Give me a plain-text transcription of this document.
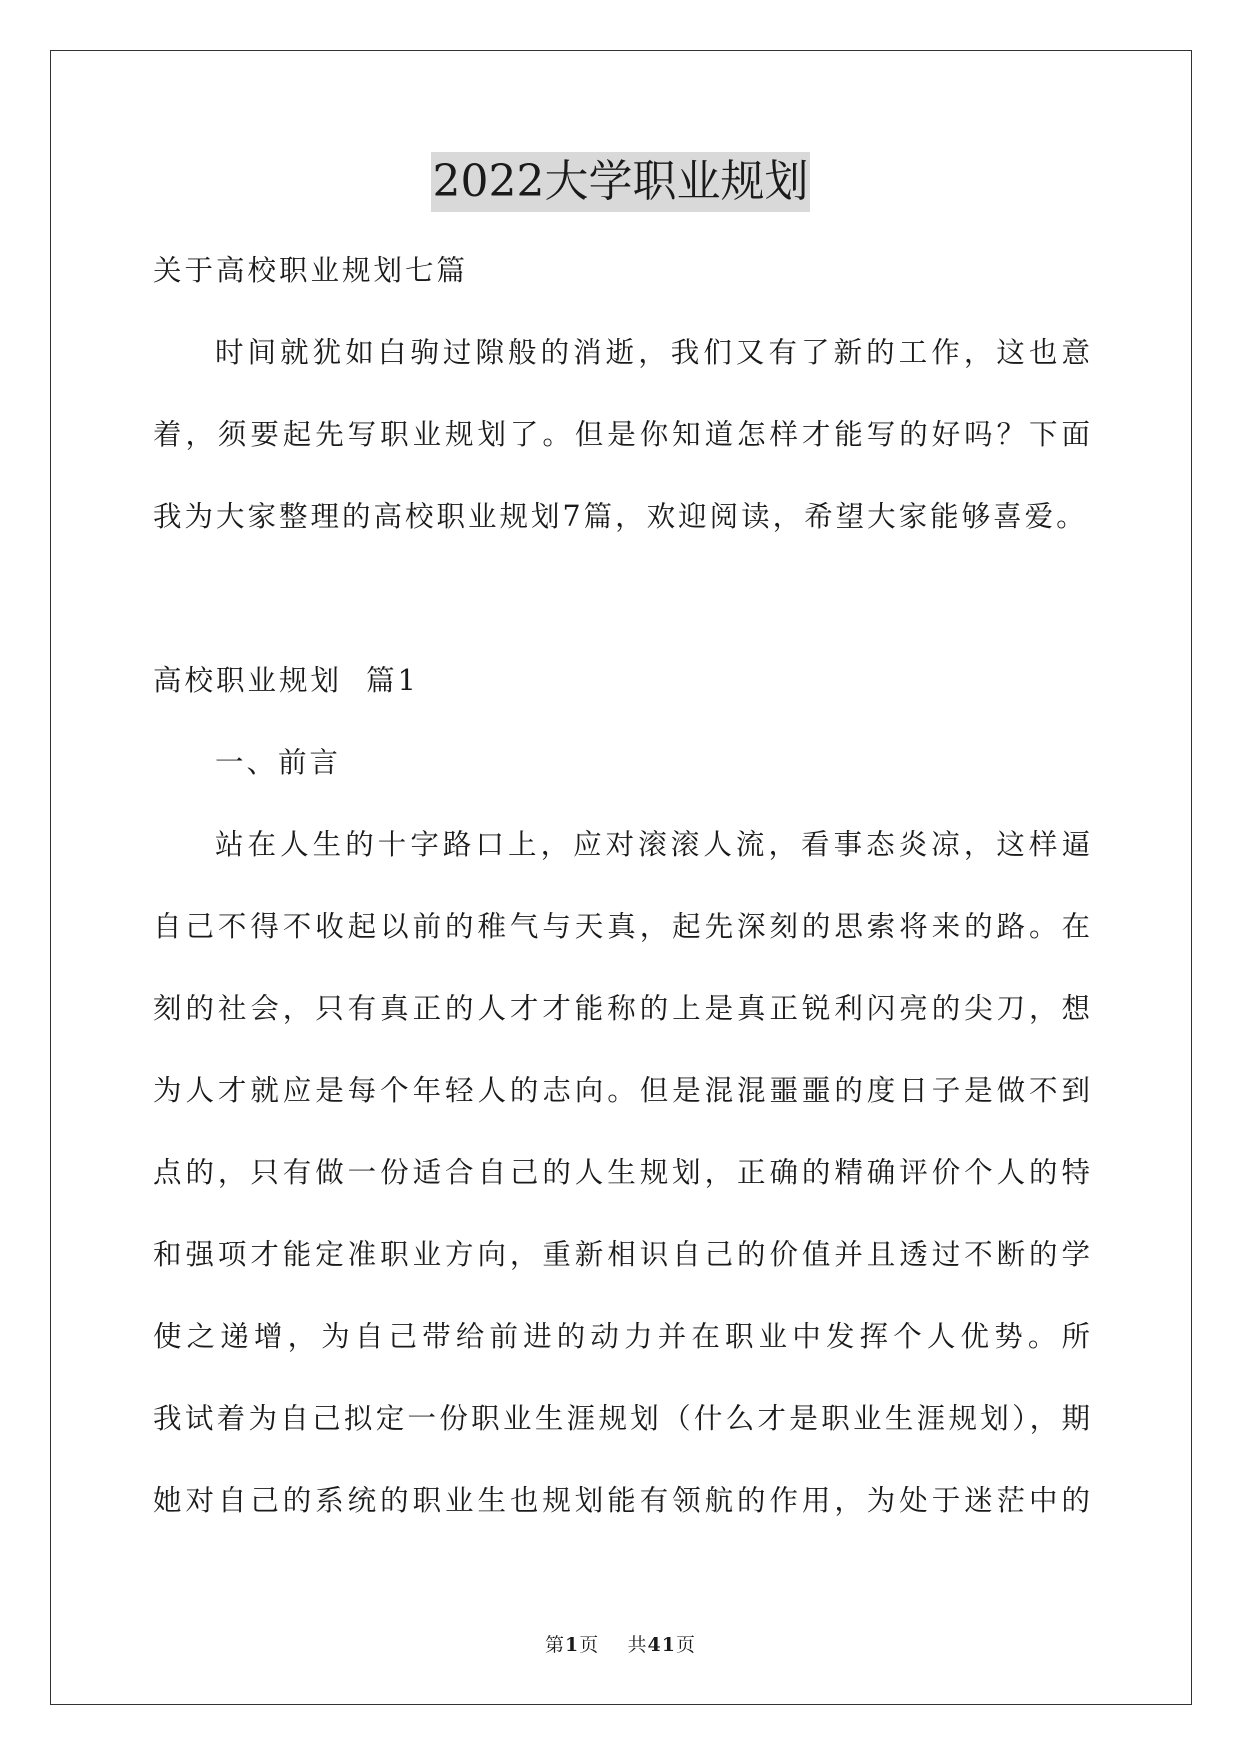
2022大学职业规划
关于高校职业规划七篇
时间就犹如白驹过隙般的消逝，我们又有了新的工作，这也意
着，须要起先写职业规划了。但是你知道怎样才能写的好吗？下面
我为大家整理的高校职业规划7篇，欢迎阅读，希望大家能够喜爱。
高校职业规划  篇1
一、前言
站在人生的十字路口上，应对滚滚人流，看事态炎凉，这样逼
自己不得不收起以前的稚气与天真，起先深刻的思索将来的路。在
刻的社会，只有真正的人才才能称的上是真正锐利闪亮的尖刀，想
为人才就应是每个年轻人的志向。但是混混噩噩的度日子是做不到
点的，只有做一份适合自己的人生规划，正确的精确评价个人的特
和强项才能定准职业方向，重新相识自己的价值并且透过不断的学
使之递增，为自己带给前进的动力并在职业中发挥个人优势。所
我试着为自己拟定一份职业生涯规划（什么才是职业生涯规划），期
她对自己的系统的职业生也规划能有领航的作用，为处于迷茫中的
第1页 共41页
